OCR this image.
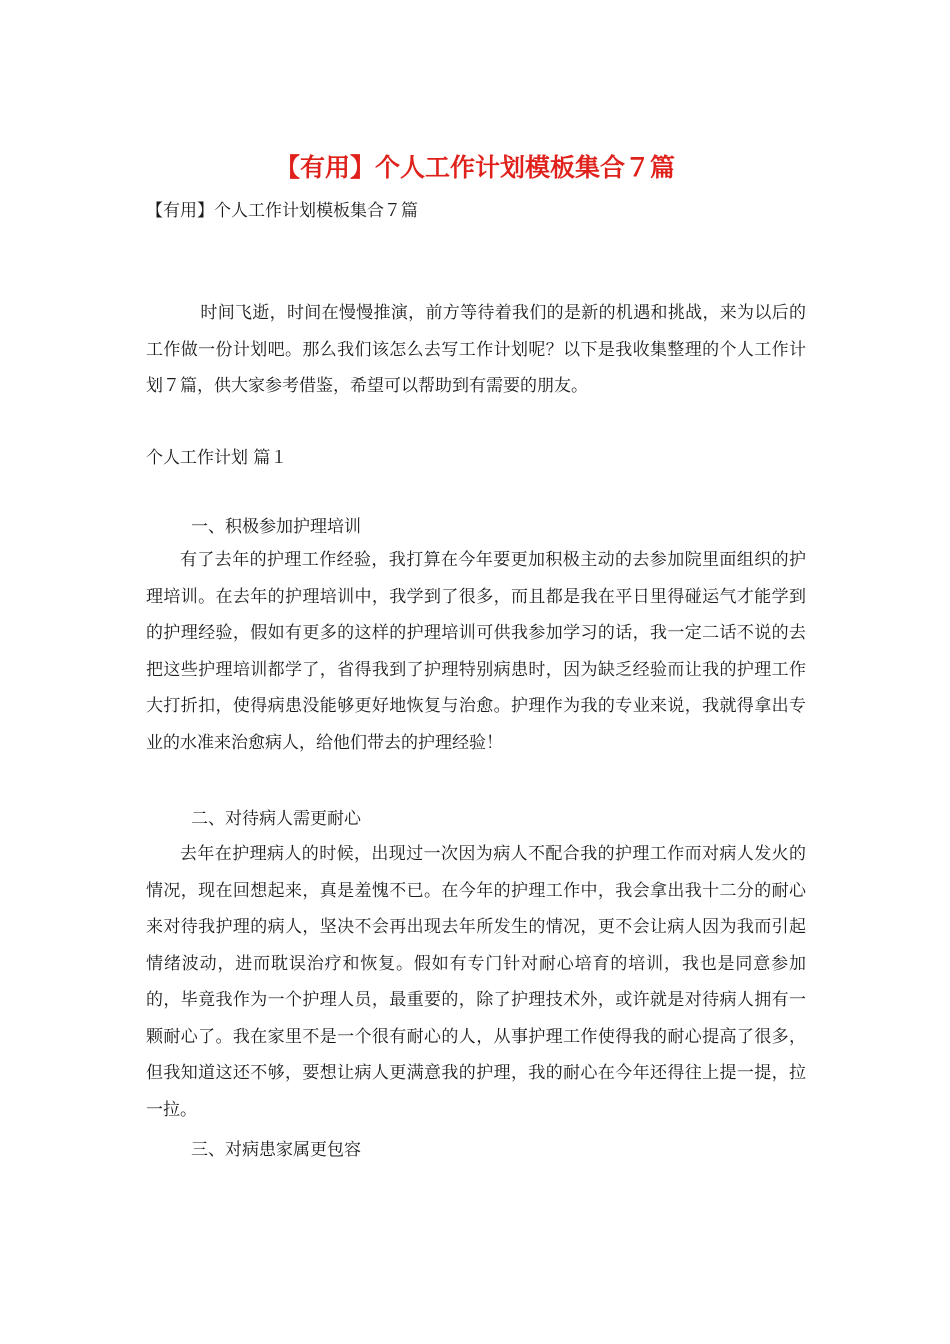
【有用】个人工作计划模板集合７篇
【有用】个人工作计划模板集合７篇

时间飞逝，时间在慢慢推演，前方等待着我们的是新的机遇和挑战，来为以后的工作做一份计划吧。那么我们该怎么去写工作计划呢？以下是我收集整理的个人工作计划７篇，供大家参考借鉴，希望可以帮助到有需要的朋友。

个人工作计划 篇１
一、积极参加护理培训

有了去年的护理工作经验，我打算在今年要更加积极主动的去参加院里面组织的护理培训。在去年的护理培训中，我学到了很多，而且都是我在平日里得碰运气才能学到的护理经验，假如有更多的这样的护理培训可供我参加学习的话，我一定二话不说的去把这些护理培训都学了，省得我到了护理特别病患时，因为缺乏经验而让我的护理工作大打折扣，使得病患没能够更好地恢复与治愈。护理作为我的专业来说，我就得拿出专业的水准来治愈病人，给他们带去的护理经验！

二、对待病人需更耐心

去年在护理病人的时候，出现过一次因为病人不配合我的护理工作而对病人发火的情况，现在回想起来，真是羞愧不已。在今年的护理工作中，我会拿出我十二分的耐心来对待我护理的病人，坚决不会再出现去年所发生的情况，更不会让病人因为我而引起情绪波动，进而耽误治疗和恢复。假如有专门针对耐心培育的培训，我也是同意参加的，毕竟我作为一个护理人员，最重要的，除了护理技术外，或许就是对待病人拥有一颗耐心了。我在家里不是一个很有耐心的人，从事护理工作使得我的耐心提高了很多，但我知道这还不够，要想让病人更满意我的护理，我的耐心在今年还得往上提一提，拉一拉。

三、对病患家属更包容
